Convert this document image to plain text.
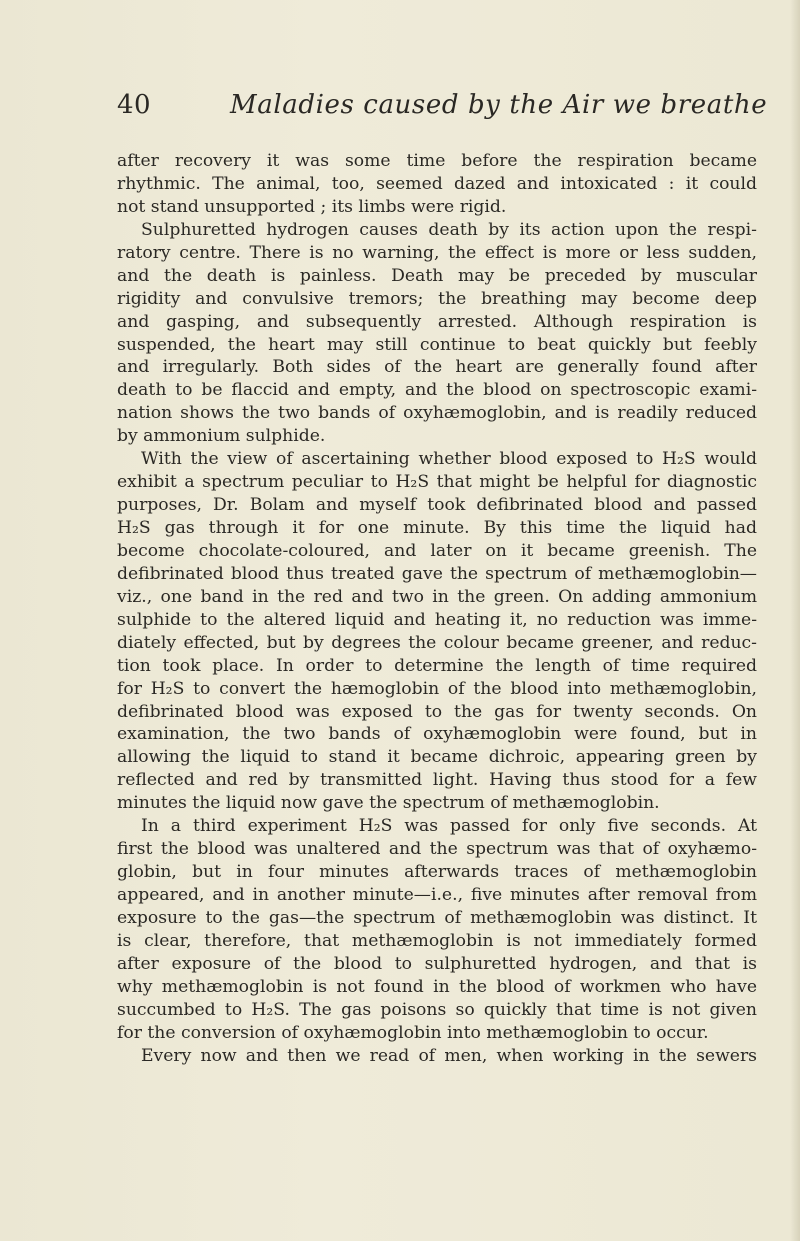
40	Maladies caused by the Air we breathe
after recovery it was some time before the respiration became
rhythmic. The animal, too, seemed dazed and intoxicated : it could
not stand unsupported ; its limbs were rigid.
Sulphuretted hydrogen causes death by its action upon the respi-
ratory centre. There is no warning, the effect is more or less sudden,
and the death is painless. Death may be preceded by muscular
rigidity and convulsive tremors; the breathing may become deep
and gasping, and subsequently arrested. Although respiration is
suspended, the heart may still continue to beat quickly but feebly
and irregularly. Both sides of the heart are generally found after
death to be flaccid and empty, and the blood on spectroscopic exami-
nation shows the two bands of oxyhæmoglobin, and is readily reduced
by ammonium sulphide.
With the view of ascertaining whether blood exposed to H₂S would
exhibit a spectrum peculiar to H₂S that might be helpful for diagnostic
purposes, Dr. Bolam and myself took defibrinated blood and passed
H₂S gas through it for one minute. By this time the liquid had
become chocolate-coloured, and later on it became greenish. The
defibrinated blood thus treated gave the spectrum of methæmoglobin—
viz., one band in the red and two in the green. On adding ammonium
sulphide to the altered liquid and heating it, no reduction was imme-
diately effected, but by degrees the colour became greener, and reduc-
tion took place. In order to determine the length of time required
for H₂S to convert the hæmoglobin of the blood into methæmoglobin,
defibrinated blood was exposed to the gas for twenty seconds. On
examination, the two bands of oxyhæmoglobin were found, but in
allowing the liquid to stand it became dichroic, appearing green by
reflected and red by transmitted light. Having thus stood for a few
minutes the liquid now gave the spectrum of methæmoglobin.
In a third experiment H₂S was passed for only five seconds. At
first the blood was unaltered and the spectrum was that of oxyhæmo-
globin, but in four minutes afterwards traces of methæmoglobin
appeared, and in another minute—i.e., five minutes after removal from
exposure to the gas—the spectrum of methæmoglobin was distinct. It
is clear, therefore, that methæmoglobin is not immediately formed
after exposure of the blood to sulphuretted hydrogen, and that is
why methæmoglobin is not found in the blood of workmen who have
succumbed to H₂S. The gas poisons so quickly that time is not given
for the conversion of oxyhæmoglobin into methæmoglobin to occur.
Every now and then we read of men, when working in the sewers
